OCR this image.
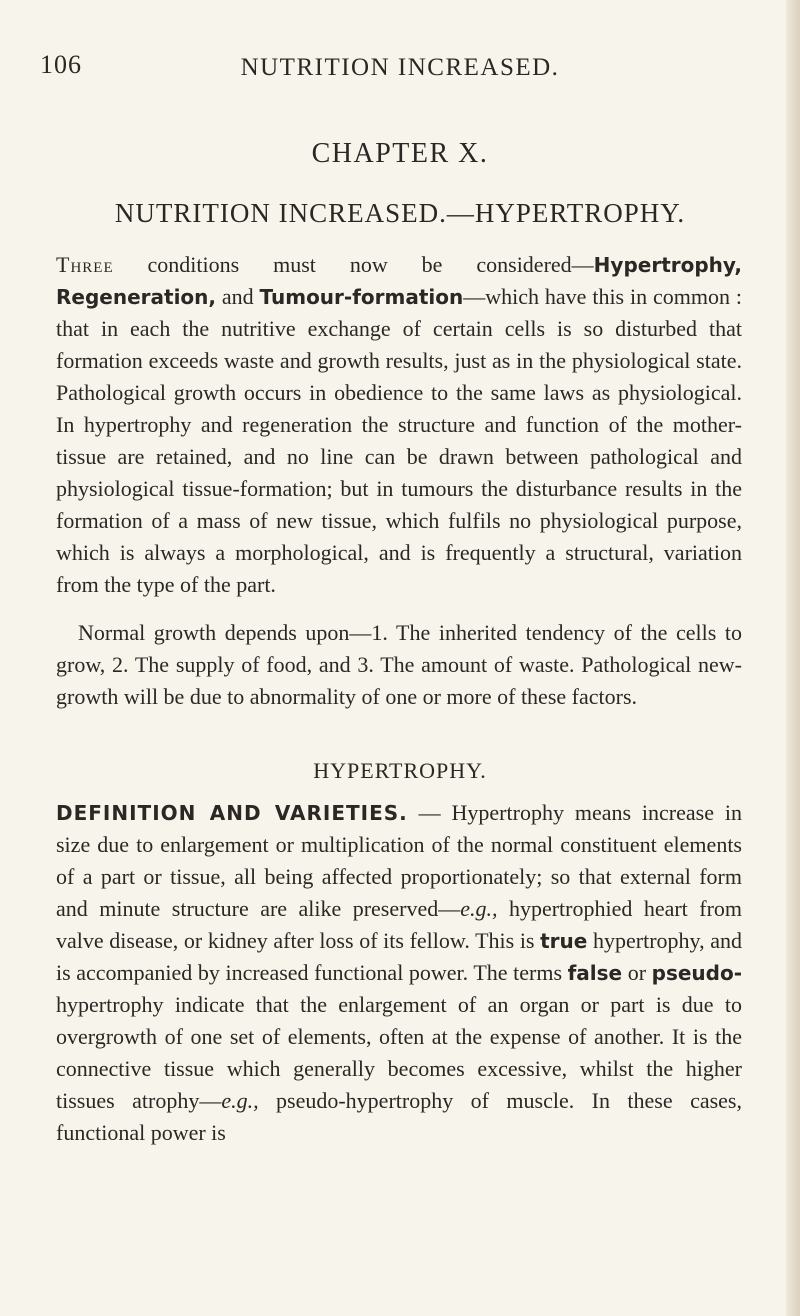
106	NUTRITION INCREASED.
CHAPTER X.
NUTRITION INCREASED.—HYPERTROPHY.
Three conditions must now be considered—Hypertrophy, Regeneration, and Tumour-formation—which have this in common : that in each the nutritive exchange of certain cells is so disturbed that formation exceeds waste and growth results, just as in the physiological state. Pathological growth occurs in obedience to the same laws as physiological. In hypertrophy and regeneration the structure and function of the mother-tissue are retained, and no line can be drawn between pathological and physiological tissue-formation; but in tumours the disturbance results in the formation of a mass of new tissue, which fulfils no physiological purpose, which is always a morphological, and is frequently a structural, variation from the type of the part.
Normal growth depends upon—1. The inherited tendency of the cells to grow, 2. The supply of food, and 3. The amount of waste. Pathological new-growth will be due to abnormality of one or more of these factors.
HYPERTROPHY.
DEFINITION AND VARIETIES. — Hypertrophy means increase in size due to enlargement or multiplication of the normal constituent elements of a part or tissue, all being affected proportionately; so that external form and minute structure are alike preserved—e.g., hypertrophied heart from valve disease, or kidney after loss of its fellow. This is true hypertrophy, and is accompanied by increased functional power. The terms false or pseudo-hypertrophy indicate that the enlargement of an organ or part is due to overgrowth of one set of elements, often at the expense of another. It is the connective tissue which generally becomes excessive, whilst the higher tissues atrophy—e.g., pseudo-hypertrophy of muscle. In these cases, functional power is
